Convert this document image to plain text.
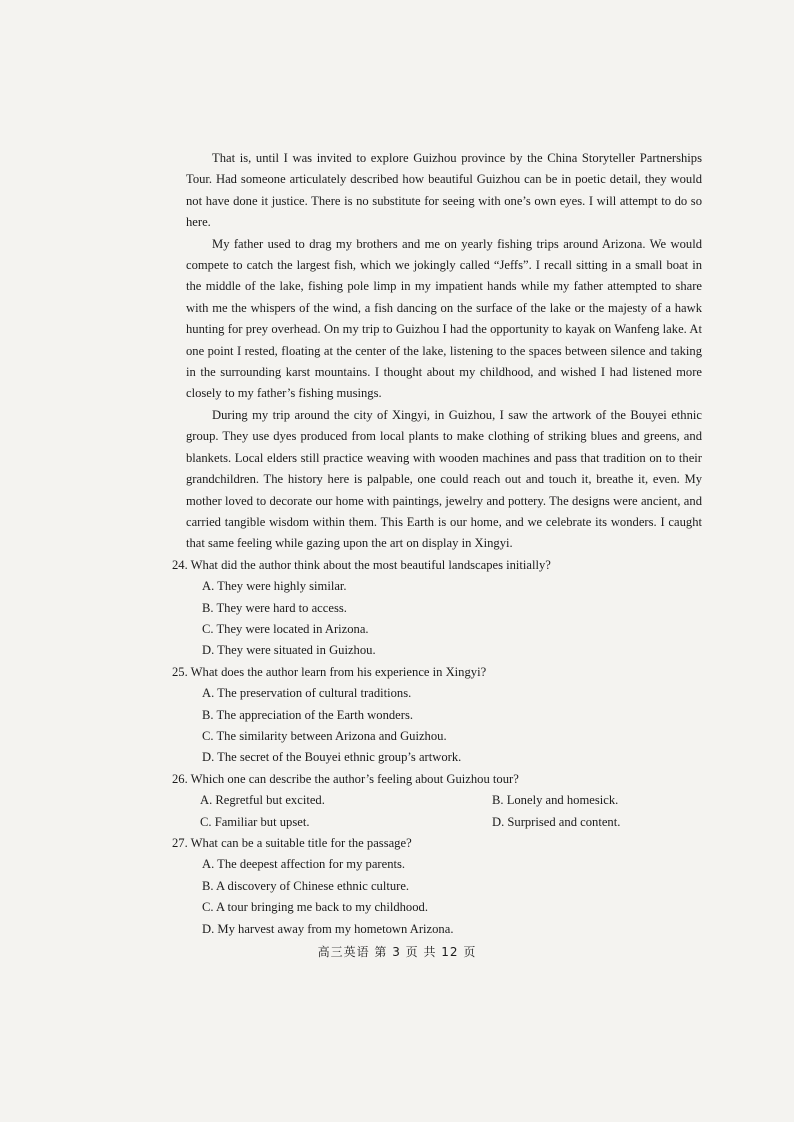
That is, until I was invited to explore Guizhou province by the China Storyteller Partnerships Tour. Had someone articulately described how beautiful Guizhou can be in poetic detail, they would not have done it justice. There is no substitute for seeing with one’s own eyes. I will attempt to do so here.

My father used to drag my brothers and me on yearly fishing trips around Arizona. We would compete to catch the largest fish, which we jokingly called “Jeffs”. I recall sitting in a small boat in the middle of the lake, fishing pole limp in my impatient hands while my father attempted to share with me the whispers of the wind, a fish dancing on the surface of the lake or the majesty of a hawk hunting for prey overhead. On my trip to Guizhou I had the opportunity to kayak on Wanfeng lake. At one point I rested, floating at the center of the lake, listening to the spaces between silence and taking in the surrounding karst mountains. I thought about my childhood, and wished I had listened more closely to my father’s fishing musings.

During my trip around the city of Xingyi, in Guizhou, I saw the artwork of the Bouyei ethnic group. They use dyes produced from local plants to make clothing of striking blues and greens, and blankets. Local elders still practice weaving with wooden machines and pass that tradition on to their grandchildren. The history here is palpable, one could reach out and touch it, breathe it, even. My mother loved to decorate our home with paintings, jewelry and pottery. The designs were ancient, and carried tangible wisdom within them. This Earth is our home, and we celebrate its wonders. I caught that same feeling while gazing upon the art on display in Xingyi.

24. What did the author think about the most beautiful landscapes initially?

A. They were highly similar.
B. They were hard to access.
C. They were located in Arizona.
D. They were situated in Guizhou.

25. What does the author learn from his experience in Xingyi?

A. The preservation of cultural traditions.
B. The appreciation of the Earth wonders.
C. The similarity between Arizona and Guizhou.
D. The secret of the Bouyei ethnic group’s artwork.

26. Which one can describe the author’s feeling about Guizhou tour?

A. Regretful but excited.	B. Lonely and homesick.
C. Familiar but upset.	D. Surprised and content.

27. What can be a suitable title for the passage?

A. The deepest affection for my parents.
B. A discovery of Chinese ethnic culture.
C. A tour bringing me back to my childhood.
D. My harvest away from my hometown Arizona.
高三英语 第 3 页 共 12 页
